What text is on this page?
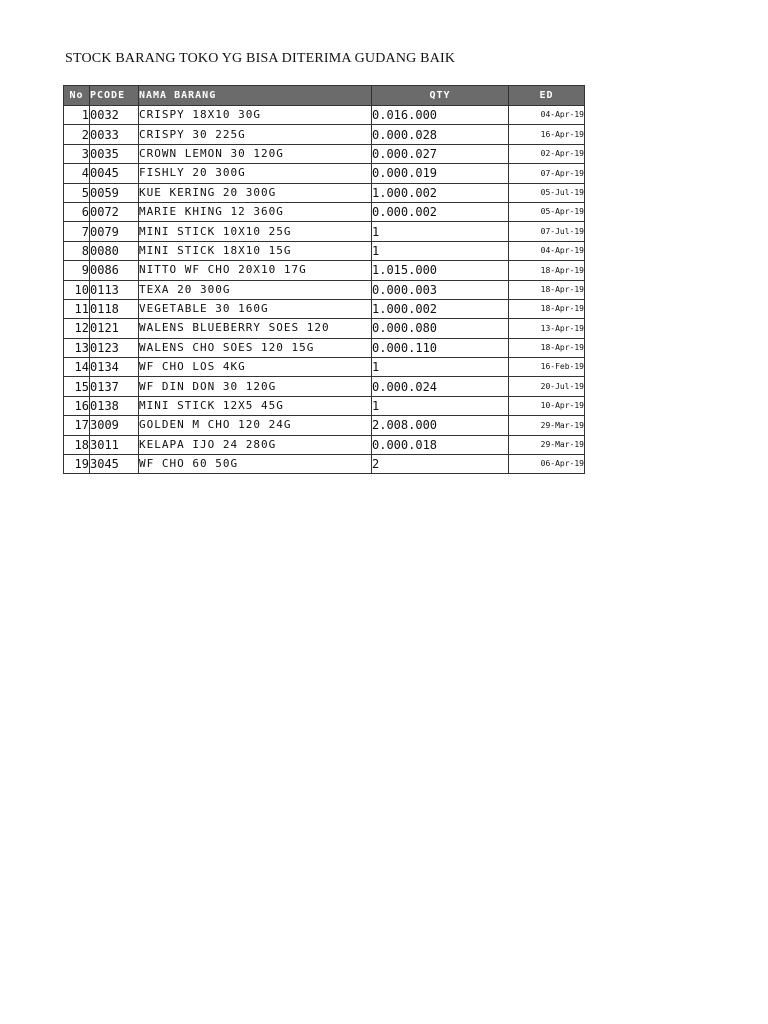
STOCK BARANG TOKO YG BISA DITERIMA GUDANG BAIK
No	PCODE	NAMA BARANG	QTY	ED
1	0032	CRISPY 18X10 30G	0.016.000	04-Apr-19
2	0033	CRISPY 30 225G	0.000.028	16-Apr-19
3	0035	CROWN LEMON 30 120G	0.000.027	02-Apr-19
4	0045	FISHLY 20 300G	0.000.019	07-Apr-19
5	0059	KUE KERING 20 300G	1.000.002	05-Jul-19
6	0072	MARIE KHING 12 360G	0.000.002	05-Apr-19
7	0079	MINI STICK 10X10 25G	1	07-Jul-19
8	0080	MINI STICK 18X10 15G	1	04-Apr-19
9	0086	NITTO WF CHO 20X10 17G	1.015.000	18-Apr-19
10	0113	TEXA 20 300G	0.000.003	18-Apr-19
11	0118	VEGETABLE 30 160G	1.000.002	18-Apr-19
12	0121	WALENS BLUEBERRY SOES 120	0.000.080	13-Apr-19
13	0123	WALENS CHO SOES 120 15G	0.000.110	18-Apr-19
14	0134	WF CHO LOS 4KG	1	16-Feb-19
15	0137	WF DIN DON 30 120G	0.000.024	20-Jul-19
16	0138	MINI STICK 12X5 45G	1	10-Apr-19
17	3009	GOLDEN M CHO 120 24G	2.008.000	29-Mar-19
18	3011	KELAPA IJO 24 280G	0.000.018	29-Mar-19
19	3045	WF CHO 60 50G	2	06-Apr-19
